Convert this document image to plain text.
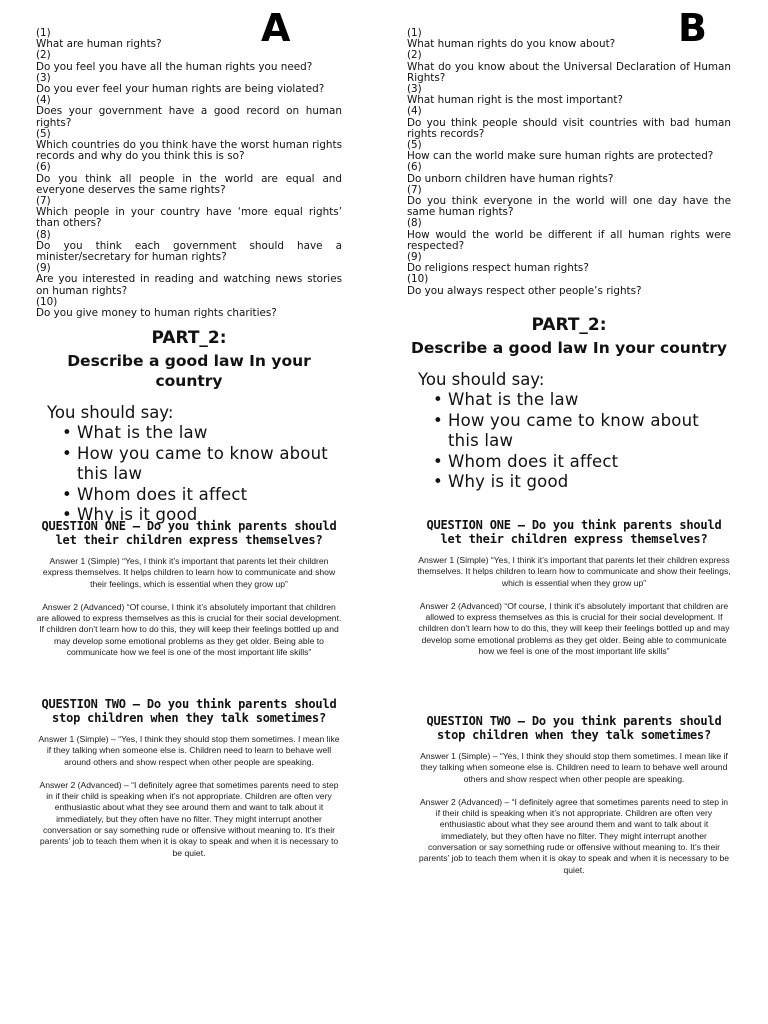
A
(1)
What are human rights?
(2)
Do you feel you have all the human rights you need?
(3)
Do you ever feel your human rights are being violated?
(4)
Does your government have a good record on human rights?
(5)
Which countries do you think have the worst human rights records and why do you think this is so?
(6)
Do you think all people in the world are equal and everyone deserves the same rights?
(7)
Which people in your country have ‘more equal rights’ than others?
(8)
Do you think each government should have a minister/secretary for human rights?
(9)
Are you interested in reading and watching news stories on human rights?
(10)
Do you give money to human rights charities?

PART_2:

Describe a good law In your country

You should say:

• What is the law
• How you came to know about this law
• Whom does it affect
• Why is it good

QUESTION ONE – Do you think parents should let their children express themselves?

Answer 1 (Simple) “Yes, I think it’s important that parents let their children express themselves. It helps children to learn how to communicate and show their feelings, which is essential when they grow up”

Answer 2 (Advanced) “Of course, I think it’s absolutely important that children are allowed to express themselves as this is crucial for their social development. If children don’t learn how to do this, they will keep their feelings bottled up and may develop some emotional problems as they get older. Being able to communicate how we feel is one of the most important life skills”

QUESTION TWO – Do you think parents should stop children when they talk sometimes?

Answer 1 (Simple) – “Yes, I think they should stop them sometimes. I mean like if they talking when someone else is. Children need to learn to behave well around others and show respect when other people are speaking.

Answer 2 (Advanced) – “I definitely agree that sometimes parents need to step in if their child is speaking when it’s not appropriate. Children are often very enthusiastic about what they see around them and want to talk about it immediately, but they often have no filter. They might interrupt another conversation or say something rude or offensive without meaning to. It’s their parents’ job to teach them when it is okay to speak and when it is necessary to be quiet.

B
(1)
What human rights do you know about?
(2)
What do you know about the Universal Declaration of Human Rights?
(3)
What human right is the most important?
(4)
Do you think people should visit countries with bad human rights records?
(5)
How can the world make sure human rights are protected?
(6)
Do unborn children have human rights?
(7)
Do you think everyone in the world will one day have the same human rights?
(8)
How would the world be different if all human rights were respected?
(9)
Do religions respect human rights?
(10)
Do you always respect other people’s rights?

PART_2:

Describe a good law In your country

You should say:

• What is the law
• How you came to know about this law
• Whom does it affect
• Why is it good

QUESTION ONE – Do you think parents should let their children express themselves?

Answer 1 (Simple) “Yes, I think it’s important that parents let their children express themselves. It helps children to learn how to communicate and show their feelings, which is essential when they grow up”

Answer 2 (Advanced) “Of course, I think it’s absolutely important that children are allowed to express themselves as this is crucial for their social development. If children don’t learn how to do this, they will keep their feelings bottled up and may develop some emotional problems as they get older. Being able to communicate how we feel is one of the most important life skills”

QUESTION TWO – Do you think parents should stop children when they talk sometimes?

Answer 1 (Simple) – “Yes, I think they should stop them sometimes. I mean like if they talking when someone else is. Children need to learn to behave well around others and show respect when other people are speaking.

Answer 2 (Advanced) – “I definitely agree that sometimes parents need to step in if their child is speaking when it’s not appropriate. Children are often very enthusiastic about what they see around them and want to talk about it immediately, but they often have no filter. They might interrupt another conversation or say something rude or offensive without meaning to. It’s their parents’ job to teach them when it is okay to speak and when it is necessary to be quiet.
